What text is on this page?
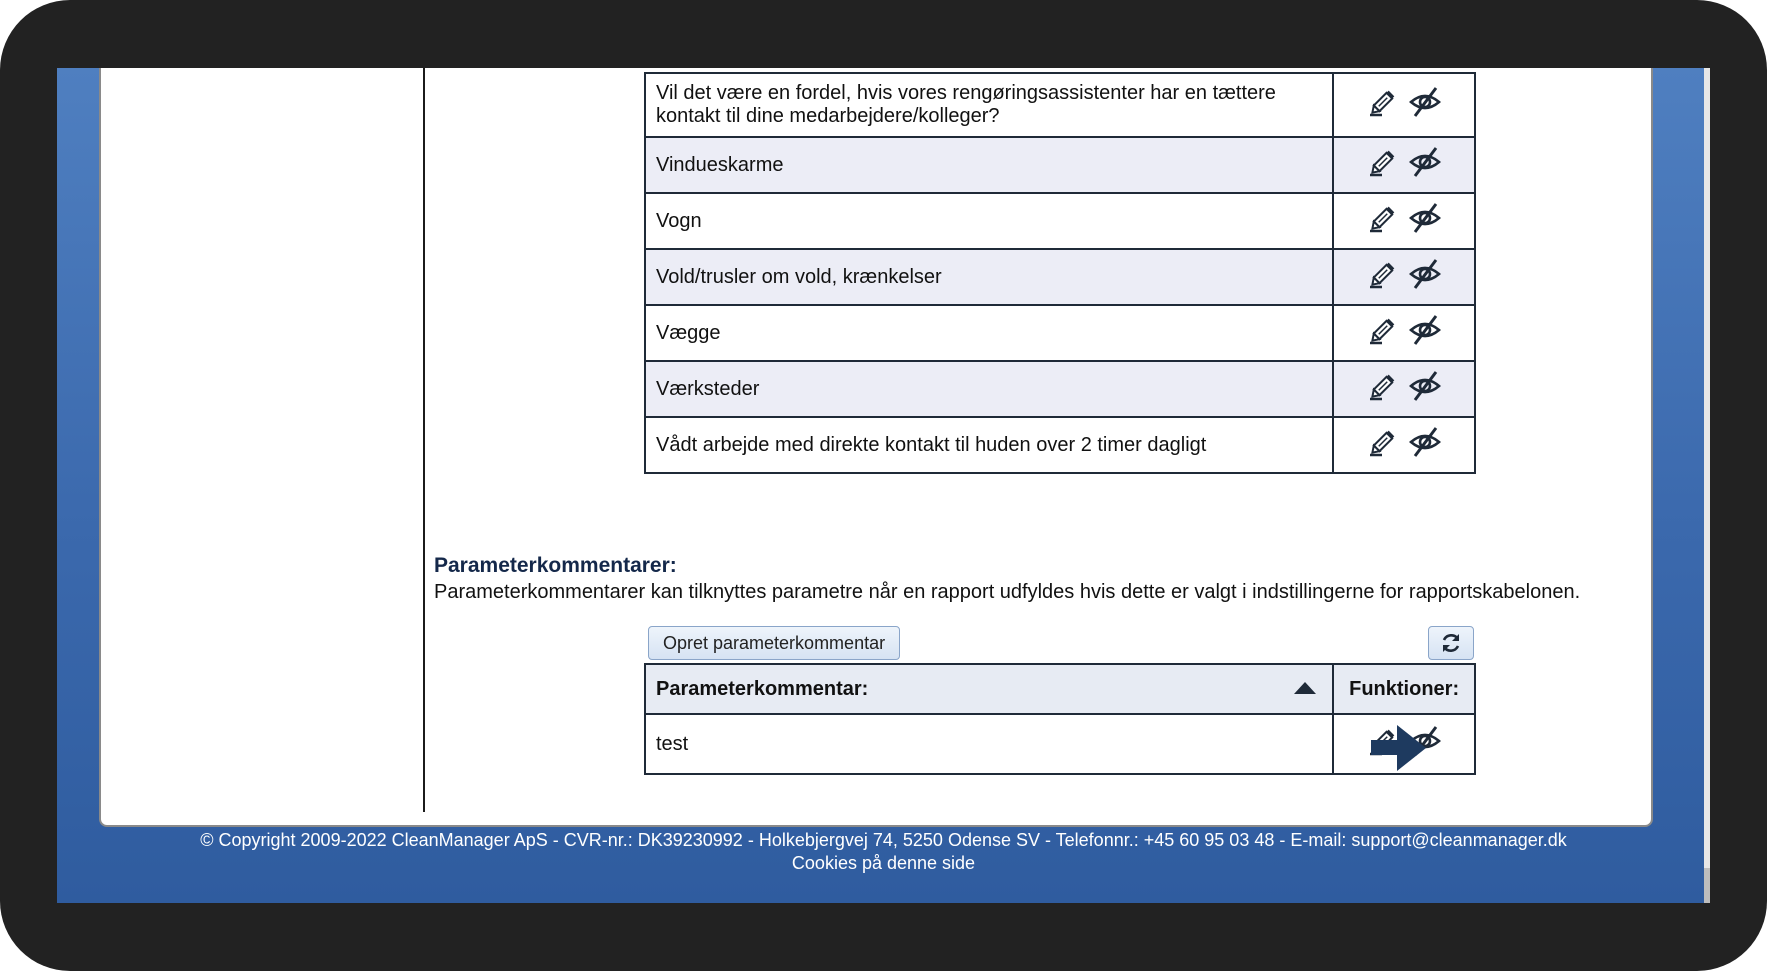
Vil det være en fordel, hvis vores rengøringsassistenter har en tættere kontakt til dine medarbejdere/kolleger?	

Vindueskarme	

Vogn	

Vold/trusler om vold, krænkelser	

Vægge	

Værksteder	

Vådt arbejde med direkte kontakt til huden over 2 timer dagligt	
Parameterkommentarer:
Parameterkommentarer kan tilknyttes parametre når en rapport udfyldes hvis dette er valgt i indstillingerne for rapportskabelonen.
Opret parameterkommentar
Parameterkommentar:	Funktioner:
test	
© Copyright 2009-2022 CleanManager ApS - CVR-nr.: DK39230992 - Holkebjergvej 74, 5250 Odense SV - Telefonnr.: +45 60 95 03 48 - E-mail: support@cleanmanager.dk
Cookies på denne side
